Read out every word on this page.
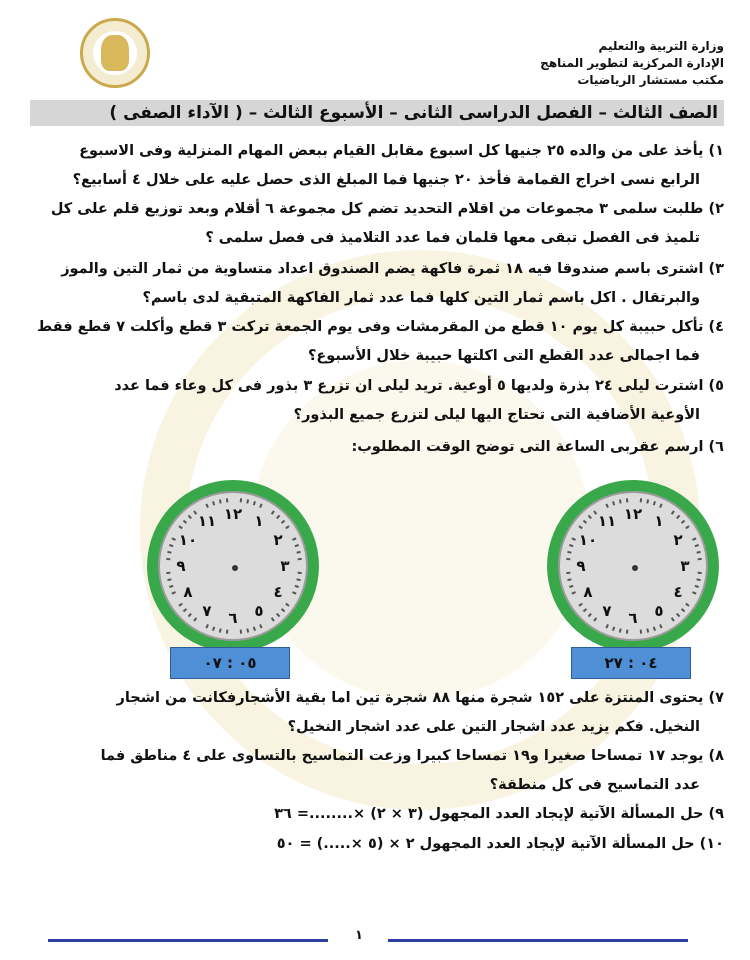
وزارة التربية والتعليم
الإدارة المركزية لتطوير المناهج
مكتب مستشار الرياضيات
الصف الثالث – الفصل الدراسى الثانى – الأسبوع الثالث – ( الآداء الصفى )
١) يأخذ على من والده ٢٥ جنيها كل اسبوع مقابل القيام ببعض المهام المنزلية وفى الاسبوع
الرابع نسى اخراج القمامة فأخذ ٢٠ جنيها فما المبلغ الذى حصل عليه على خلال ٤ أسابيع؟
٢) طلبت سلمى ٣ مجموعات من اقلام التحديد تضم كل مجموعة ٦ أقلام وبعد توزيع قلم على كل
تلميذ فى الفصل تبقى معها قلمان فما عدد التلاميذ فى فصل سلمى ؟
٣) اشترى باسم صندوقا فيه ١٨ ثمرة فاكهة يضم الصندوق اعداد متساوية من ثمار التين والموز
والبرتقال . اكل باسم ثمار التين كلها فما عدد ثمار الفاكهة المتبقية لدى باسم؟
٤) تأكل حبيبة كل يوم ١٠ قطع من المقرمشات وفى يوم الجمعة تركت ٣ قطع وأكلت ٧ قطع فقط
فما اجمالى عدد القطع التى اكلتها حبيبة خلال الأسبوع؟
٥) اشترت ليلى ٢٤ بذرة ولديها ٥ أوعية. تريد ليلى ان تزرع ٣ بذور فى كل وعاء فما عدد
الأوعية الأضافية التى تحتاج اليها ليلى لتزرع جميع البذور؟
٦) ارسم عقربى الساعة التى توضح الوقت المطلوب:
١٢ ١
٢
٣
٤
٥
٦
٧
٨
٩
١٠
١١
١٢ ١
٢
٣
٤
٥
٦
٧
٨
٩
١٠
١١
٠٤ : ٢٧
٠٥ : ٠٧
٧) يحتوى المنتزة على ١٥٢ شجرة منها ٨٨ شجرة تين اما بقية الأشجارفكانت من اشجار
النخيل. فكم يزيد عدد اشجار التين على عدد اشجار النخيل؟
٨) يوجد ١٧ تمساحا صغيرا و١٩ تمساحا كبيرا وزعت التماسيح بالتساوى على ٤ مناطق فما
عدد التماسيح فى كل منطقة؟
٩) حل المسألة الآتية لإيجاد العدد المجهول (٣ × ٢) ×........= ٣٦
١٠) حل المسألة الآتية لإيجاد العدد المجهول ٢ × (٥ ×.....) = ٥٠
١
